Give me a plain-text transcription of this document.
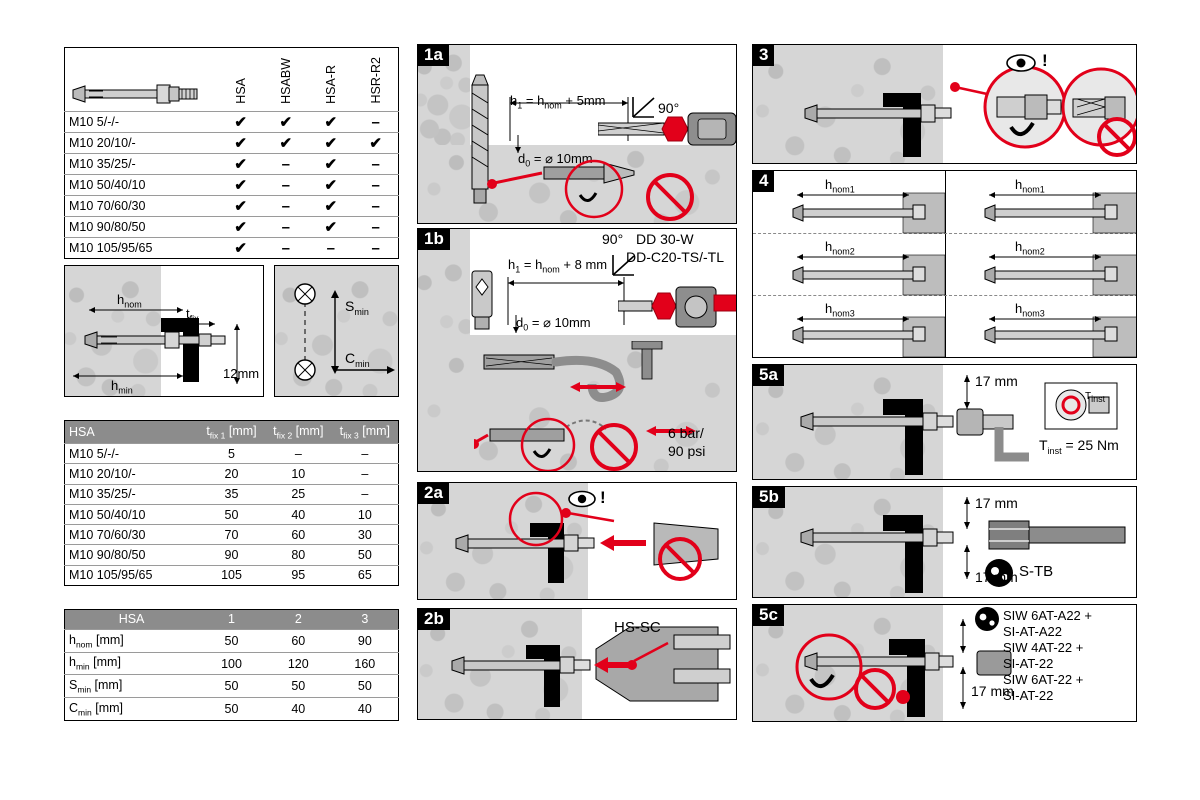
	HSA	HSABW	HSA-R	HSR-R2
M10 5/-/-	✔	✔	✔	–
M10 20/10/-	✔	✔	✔	✔
M10 35/25/-	✔	–	✔	–
M10 50/40/10	✔	–	✔	–
M10 70/60/30	✔	–	✔	–
M10 90/80/50	✔	–	✔	–
M10 105/95/65	✔	–	–	–
$h_{nom}$
$t_{fix}$
$h_{min}$
12mm
$S_{min}$
$C_{min}$
HSA	$t_{fix 1}$ [mm]	$t_{fix 2}$ [mm]	$t_{fix 3}$ [mm]
M10 5/-/-	5	–	–
M10 20/10/-	20	10	–
M10 35/25/-	35	25	–
M10 50/40/10	50	40	10
M10 70/60/30	70	60	30
M10 90/80/50	90	80	50
M10 105/95/65	105	95	65
HSA	1	2	3
$h_{nom}$ [mm]	50	60	90
$h_{min}$ [mm]	100	120	160
$S_{min}$ [mm]	50	50	50
$C_{min}$ [mm]	50	40	40
1a
$h_1 = h_{nom} + 5mm$
$d_0$ = ⌀ 10mm
90°
1b
$h_1 = h_{nom} + 8$ mm
$d_0$ = ⌀ 10mm
90° DD 30-W
DD-C20-TS/-TL
6 bar/
90 psi
2a	!
2b	HS-SC
3	!
4	$h_{nom1}$
$h_{nom2}$
$h_{nom3}$
$h_{nom1}$
$h_{nom2}$
$h_{nom3}$
5a	17 mm
Tinst
$T_{inst} = 25$ Nm
5b	17 mm
17 mm S-TB
5c
17 mm
SIW 6AT-A22 +
SI-AT-A22
SIW 4AT-22 +
SI-AT-22
SIW 6AT-22 +
SI-AT-22
